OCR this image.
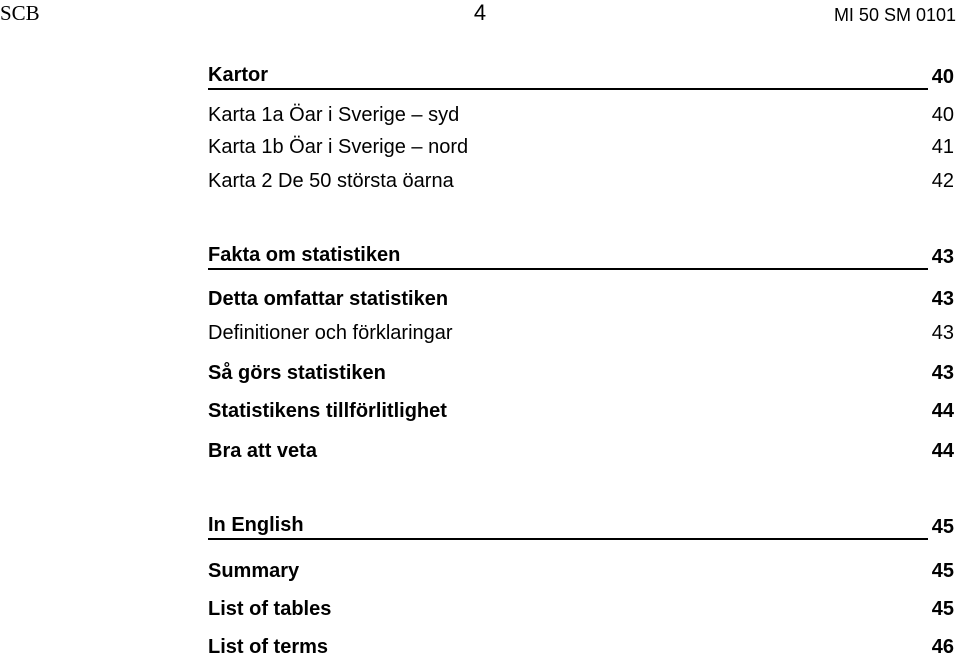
SCB	4	MI 50 SM 0101
Kartor	40
Karta 1a Öar i Sverige – syd	40
Karta 1b Öar i Sverige – nord	41
Karta 2 De 50 största öarna	42
Fakta om statistiken	43
Detta omfattar statistiken	43
Definitioner och förklaringar	43
Så görs statistiken	43
Statistikens tillförlitlighet	44
Bra att veta	44
In English	45
Summary	45
List of tables	45
List of terms	46
